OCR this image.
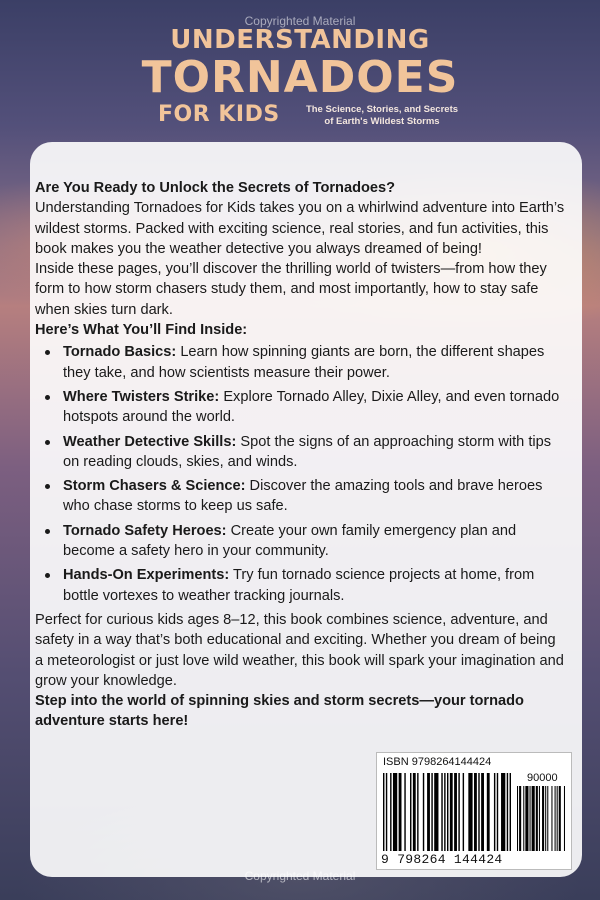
Copyrighted Material
UNDERSTANDING
TORNADOES
FOR KIDS	The Science, Stories, and Secrets
of Earth's Wildest Storms

Are You Ready to Unlock the Secrets of Tornadoes?

Understanding Tornadoes for Kids takes you on a whirlwind adventure into Earth’s wildest storms. Packed with exciting science, real stories, and fun activities, this book makes you the weather detective you always dreamed of being!

Inside these pages, you’ll discover the thrilling world of twisters—from how they form to how storm chasers study them, and most importantly, how to stay safe when skies turn dark.

Here’s What You’ll Find Inside:

Tornado Basics: Learn how spinning giants are born, the different shapes they take, and how scientists measure their power.
Where Twisters Strike: Explore Tornado Alley, Dixie Alley, and even tornado hotspots around the world.
Weather Detective Skills: Spot the signs of an approaching storm with tips on reading clouds, skies, and winds.
Storm Chasers & Science: Discover the amazing tools and brave heroes who chase storms to keep us safe.
Tornado Safety Heroes: Create your own family emergency plan and become a safety hero in your community.
Hands-On Experiments: Try fun tornado science projects at home, from bottle vortexes to weather tracking journals.

Perfect for curious kids ages 8–12, this book combines science, adventure, and safety in a way that’s both educational and exciting. Whether you dream of being a meteorologist or just love wild weather, this book will spark your imagination and grow your knowledge.

Step into the world of spinning skies and storm secrets—your tornado adventure starts here!

ISBN 9798264144424
90000
9 798264 144424
Copyrighted Material
